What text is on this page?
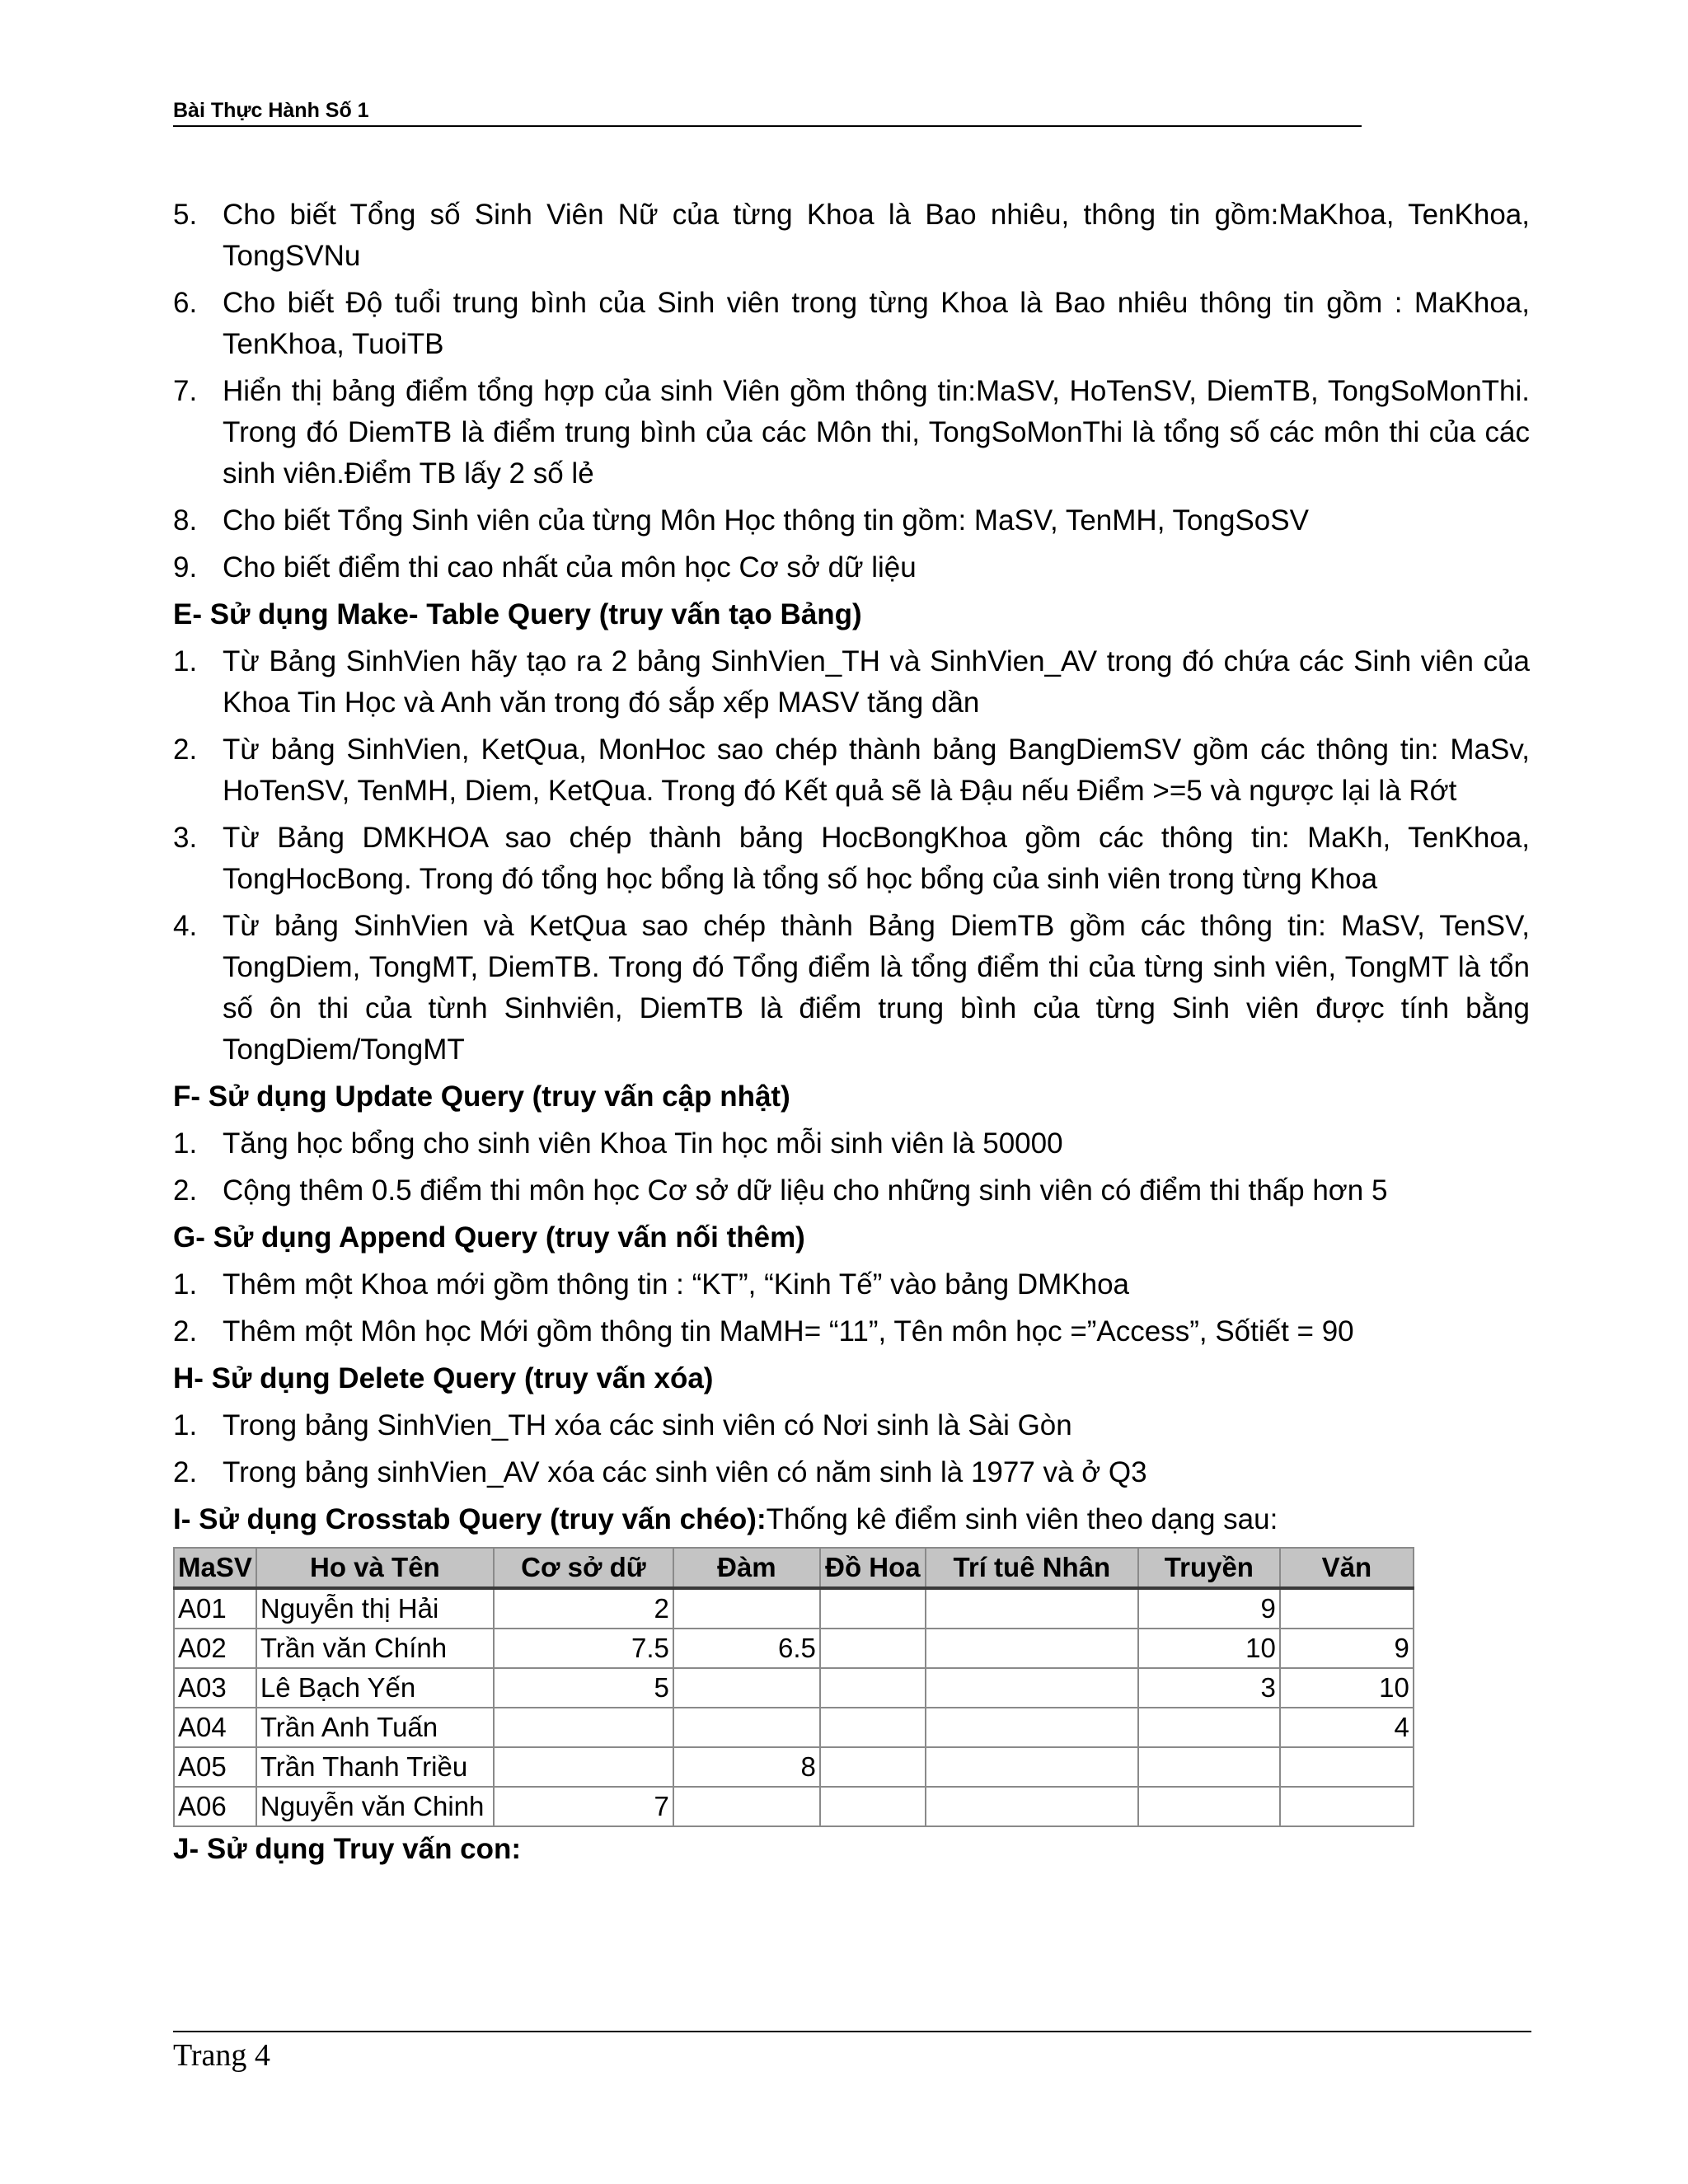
Bài Thực Hành Số 1
5. Cho biết Tổng số Sinh Viên Nữ của từng Khoa là Bao nhiêu, thông tin gồm:MaKhoa, TenKhoa, TongSVNu
6. Cho biết Độ tuổi trung bình của Sinh viên trong từng Khoa là Bao nhiêu thông tin gồm : MaKhoa, TenKhoa, TuoiTB
7. Hiển thị bảng điểm tổng hợp của sinh Viên gồm thông tin:MaSV, HoTenSV, DiemTB, TongSoMonThi. Trong đó DiemTB là điểm trung bình của các Môn thi, TongSoMonThi là tổng số các môn thi của các sinh viên.Điểm TB lấy 2 số lẻ
8. Cho biết Tổng Sinh viên của từng Môn Học thông tin gồm: MaSV, TenMH, TongSoSV
9. Cho biết điểm thi cao nhất của môn học Cơ sở dữ liệu
E- Sử dụng Make- Table Query (truy vấn tạo Bảng)
1. Từ Bảng SinhVien hãy tạo ra 2 bảng SinhVien_TH và SinhVien_AV trong đó chứa các Sinh viên của Khoa Tin Học và Anh văn trong đó sắp xếp MASV tăng dần
2. Từ bảng SinhVien, KetQua, MonHoc sao chép thành bảng BangDiemSV gồm các thông tin: MaSv, HoTenSV, TenMH, Diem, KetQua. Trong đó Kết quả sẽ là Đậu nếu Điểm >=5 và ngược lại là Rớt
3. Từ Bảng DMKHOA sao chép thành bảng HocBongKhoa gồm các thông tin: MaKh, TenKhoa, TongHocBong. Trong đó tổng học bổng là tổng số học bổng của sinh viên trong từng Khoa
4. Từ bảng SinhVien và KetQua sao chép thành Bảng DiemTB gồm các thông tin: MaSV, TenSV, TongDiem, TongMT, DiemTB. Trong đó Tổng điểm là tổng điểm thi của từng sinh viên, TongMT là tổn số ôn thi của từnh Sinhviên, DiemTB là điểm trung bình của từng Sinh viên được tính bằng TongDiem/TongMT
F- Sử dụng Update Query (truy vấn cập nhật)
1. Tăng học bổng cho sinh viên Khoa Tin học mỗi sinh viên là 50000
2. Cộng thêm 0.5 điểm thi môn học Cơ sở dữ liệu cho những sinh viên có điểm thi thấp hơn 5
G- Sử dụng Append Query (truy vấn nối thêm)
1. Thêm một Khoa mới gồm thông tin : “KT”, “Kinh Tế” vào bảng DMKhoa
2. Thêm một Môn học Mới gồm thông tin MaMH= “11”, Tên môn học =”Access”, Sốtiết = 90
H- Sử dụng Delete Query (truy vấn xóa)
1. Trong bảng SinhVien_TH xóa các sinh viên có Nơi sinh là Sài Gòn
2. Trong bảng sinhVien_AV xóa các sinh viên có năm sinh là 1977 và ở Q3
I- Sử dụng Crosstab Query (truy vấn chéo):Thống kê điểm sinh viên theo dạng sau:
MaSV	Ho và Tên	Cơ sở dữ	Đàm	Đồ Hoa	Trí tuê Nhân	Truyền	Văn
A01	Nguyễn thị Hải	2				9	
A02	Trần văn Chính	7.5	6.5			10	9
A03	Lê Bạch Yến	5				3	10
A04	Trần Anh Tuấn						4
A05	Trần Thanh Triều		8				
A06	Nguyễn văn Chinh	7					
J- Sử dụng Truy vấn con:
Trang 4
